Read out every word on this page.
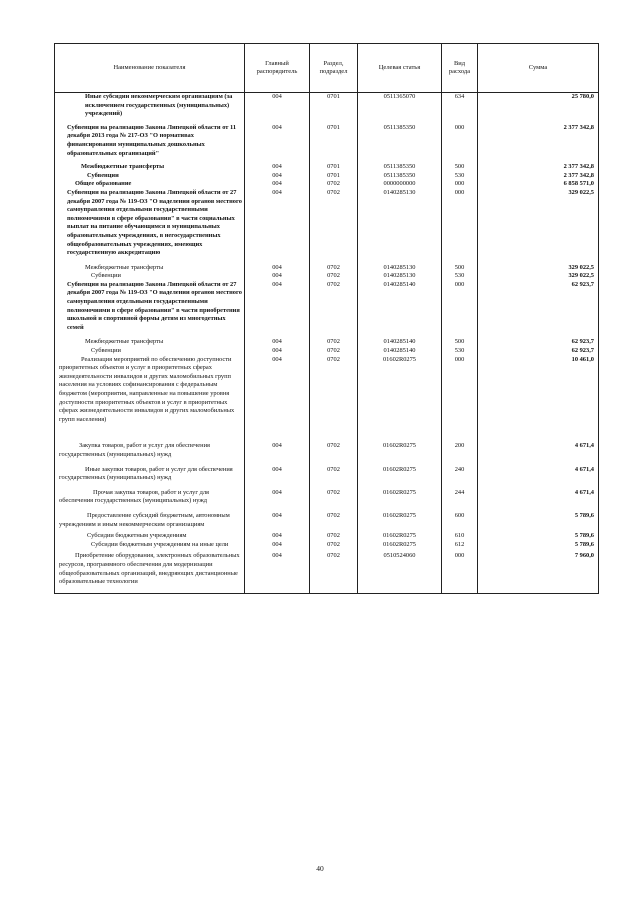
Наименование показателя	Главный распорядитель	Раздел, подраздел	Целевая статья	Вид расхода	Сумма
Иные субсидии некоммерческим организациям (за исключением государственных (муниципальных) учреждений)	004	0701	0511365070	634	25 780,0
Субвенции на реализацию Закона Липецкой области от 11 декабря 2013 года № 217-ОЗ "О нормативах финансирования муниципальных дошкольных образовательных организаций"	004	0701	0511385350	000	2 377 342,8
Межбюджетные трансферты	004	0701	0511385350	500	2 377 342,8
Субвенции	004	0701	0511385350	530	2 377 342,8
Общее образование	004	0702	0000000000	000	6 858 571,0
Субвенции на реализацию Закона Липецкой области от 27 декабря 2007 года № 119-ОЗ "О наделении органов местного самоуправления отдельными государственными полномочиями в сфере образования" в части социальных выплат на питание обучающимся в муниципальных образовательных учреждениях, в негосударственных общеобразовательных учреждениях, имеющих государственную аккредитацию	004	0702	0140285130	000	329 022,5
Межбюджетные трансферты	004	0702	0140285130	500	329 022,5
Субвенции	004	0702	0140285130	530	329 022,5
Субвенции на реализацию Закона Липецкой области от 27 декабря 2007 года № 119-ОЗ "О наделении органов местного самоуправления отдельными государственными полномочиями в сфере образования" в части приобретения школьной и спортивной формы детям из многодетных семей	004	0702	0140285140	000	62 923,7
Межбюджетные трансферты	004	0702	0140285140	500	62 923,7
Субвенции	004	0702	0140285140	530	62 923,7
Реализация мероприятий по обеспечению доступности приоритетных объектов и услуг в приоритетных сферах жизнедеятельности инвалидов и других маломобильных групп населения на условиях софинансирования с федеральным бюджетом (мероприятия, направленные на повышение уровня доступности приоритетных объектов и услуг в приоритетных сферах жизнедеятельности инвалидов и других маломобильных групп населения)	004	0702	01602R0275	000	10 461,0
Закупка товаров, работ и услуг для обеспечения государственных (муниципальных) нужд	004	0702	01602R0275	200	4 671,4
Иные закупки товаров, работ и услуг для обеспечения государственных (муниципальных) нужд	004	0702	01602R0275	240	4 671,4
Прочая закупка товаров, работ и услуг для обеспечения государственных (муниципальных) нужд	004	0702	01602R0275	244	4 671,4
Предоставление субсидий бюджетным, автономным учреждениям и иным некоммерческим организациям	004	0702	01602R0275	600	5 789,6
Субсидии бюджетным учреждениям	004	0702	01602R0275	610	5 789,6
Субсидии бюджетным учреждениям на иные цели	004	0702	01602R0275	612	5 789,6
Приобретение оборудования, электронных образовательных ресурсов, программного обеспечения для модернизации общеобразовательных организаций, внедряющих дистанционные образовательные технологии	004	0702	0510524060	000	7 960,0
40
